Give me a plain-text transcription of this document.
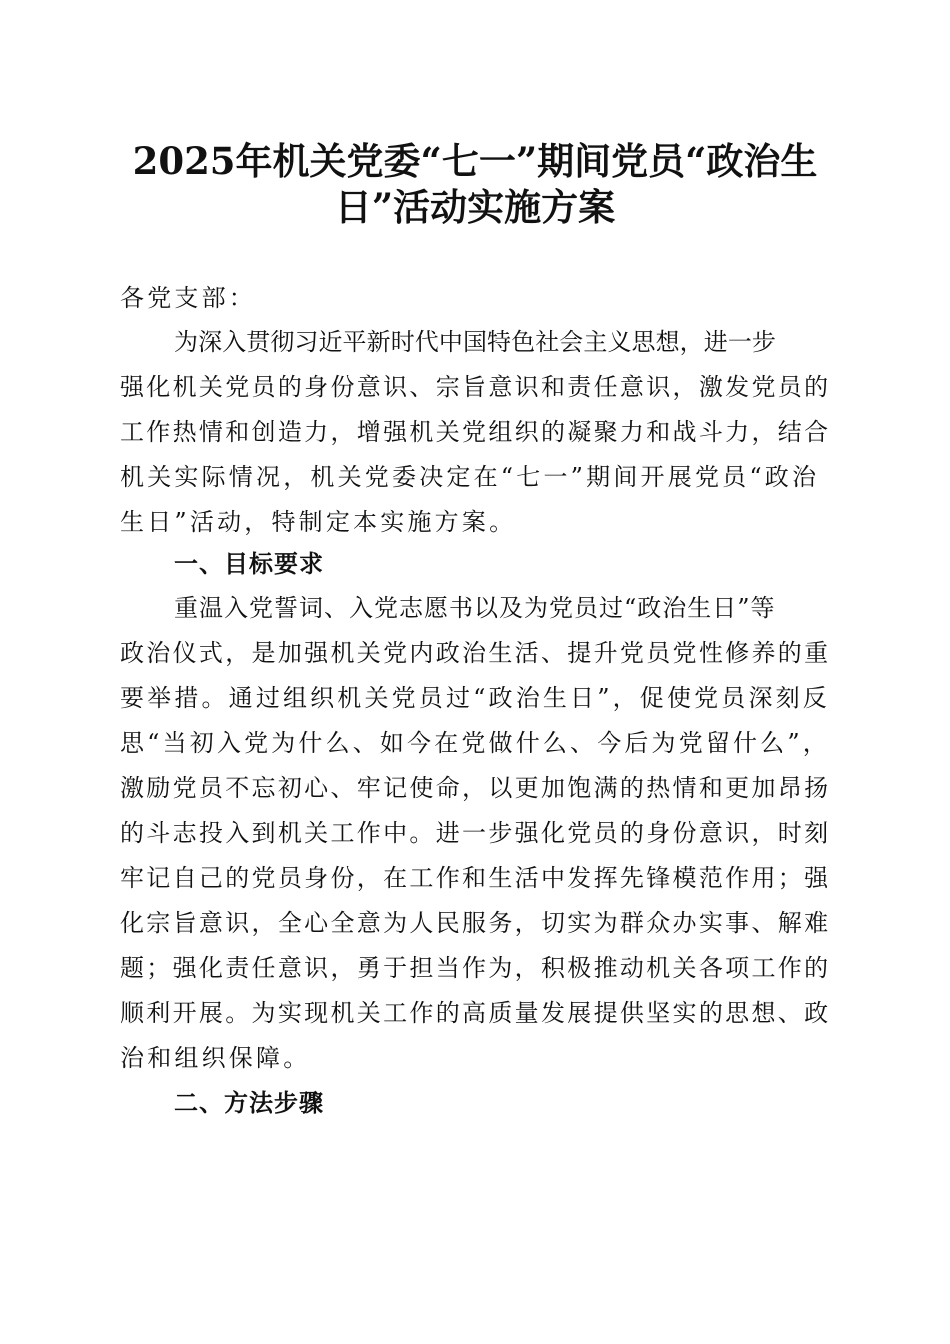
2025年机关党委“七一”期间党员“政治生
日”活动实施方案

各党支部：

为深入贯彻习近平新时代中国特色社会主义思想，进一步
强化机关党员的身份意识、宗旨意识和责任意识，激发党员的
工作热情和创造力，增强机关党组织的凝聚力和战斗力，结合
机关实际情况，机关党委决定在“七一”期间开展党员“政治
生日”活动，特制定本实施方案。

一、目标要求

重温入党誓词、入党志愿书以及为党员过“政治生日”等
政治仪式，是加强机关党内政治生活、提升党员党性修养的重
要举措。通过组织机关党员过“政治生日”，促使党员深刻反
思“当初入党为什么、如今在党做什么、今后为党留什么”，
激励党员不忘初心、牢记使命，以更加饱满的热情和更加昂扬
的斗志投入到机关工作中。进一步强化党员的身份意识，时刻
牢记自己的党员身份，在工作和生活中发挥先锋模范作用；强
化宗旨意识，全心全意为人民服务，切实为群众办实事、解难
题；强化责任意识，勇于担当作为，积极推动机关各项工作的
顺利开展。为实现机关工作的高质量发展提供坚实的思想、政
治和组织保障。

二、方法步骤
